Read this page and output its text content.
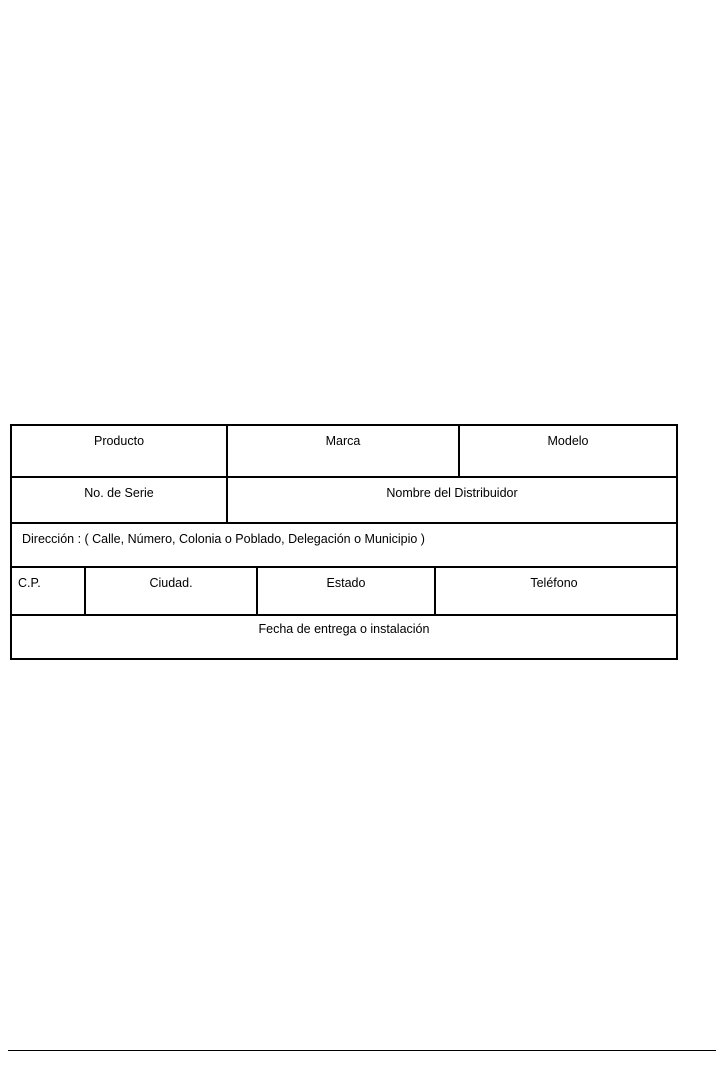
Producto	Marca	Modelo
No. de Serie	Nombre del Distribuidor
Dirección : ( Calle, Número, Colonia o Poblado, Delegación o Municipio )
C.P.	Ciudad.	Estado	Teléfono
Fecha de entrega o instalación
